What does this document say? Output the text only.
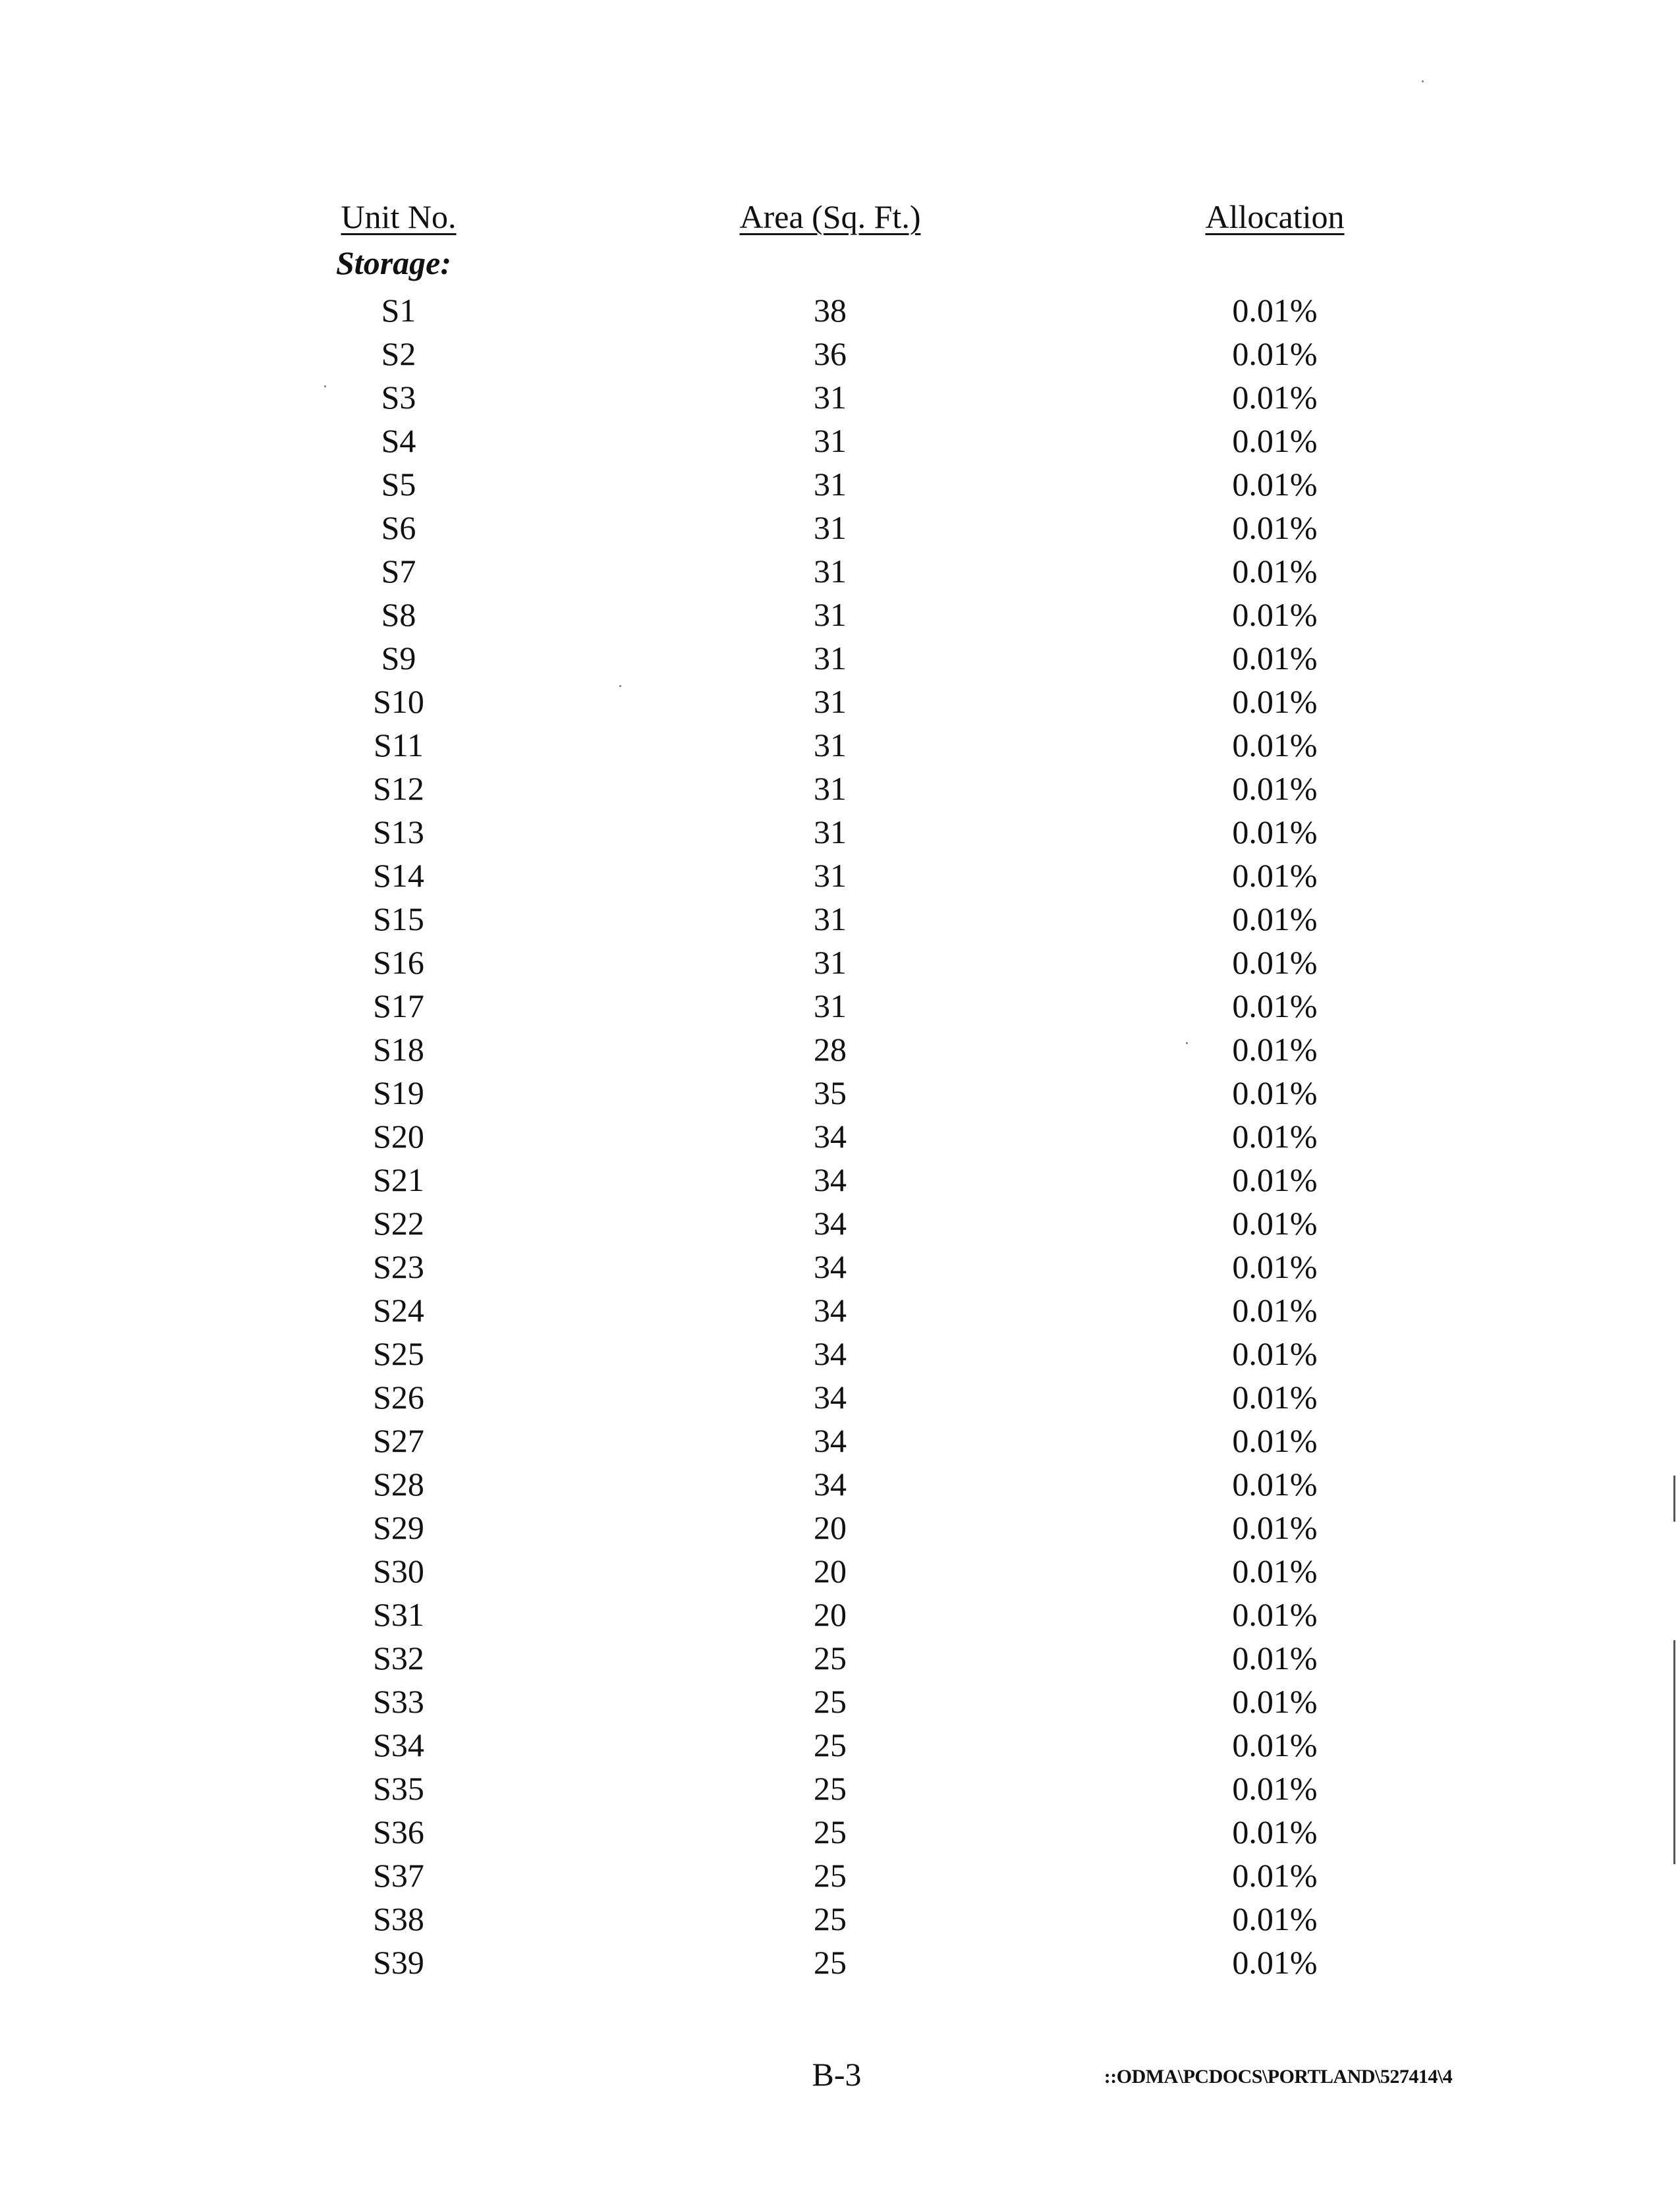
Unit No.	Area (Sq. Ft.)	Allocation
Storage:
S1	38	0.01%
S2	36	0.01%
S3	31	0.01%
S4	31	0.01%
S5	31	0.01%
S6	31	0.01%
S7	31	0.01%
S8	31	0.01%
S9	31	0.01%
S10	31	0.01%
S11	31	0.01%
S12	31	0.01%
S13	31	0.01%
S14	31	0.01%
S15	31	0.01%
S16	31	0.01%
S17	31	0.01%
S18	28	0.01%
S19	35	0.01%
S20	34	0.01%
S21	34	0.01%
S22	34	0.01%
S23	34	0.01%
S24	34	0.01%
S25	34	0.01%
S26	34	0.01%
S27	34	0.01%
S28	34	0.01%
S29	20	0.01%
S30	20	0.01%
S31	20	0.01%
S32	25	0.01%
S33	25	0.01%
S34	25	0.01%
S35	25	0.01%
S36	25	0.01%
S37	25	0.01%
S38	25	0.01%
S39	25	0.01%
B-3	::ODMA\PCDOCS\PORTLAND\527414\4
